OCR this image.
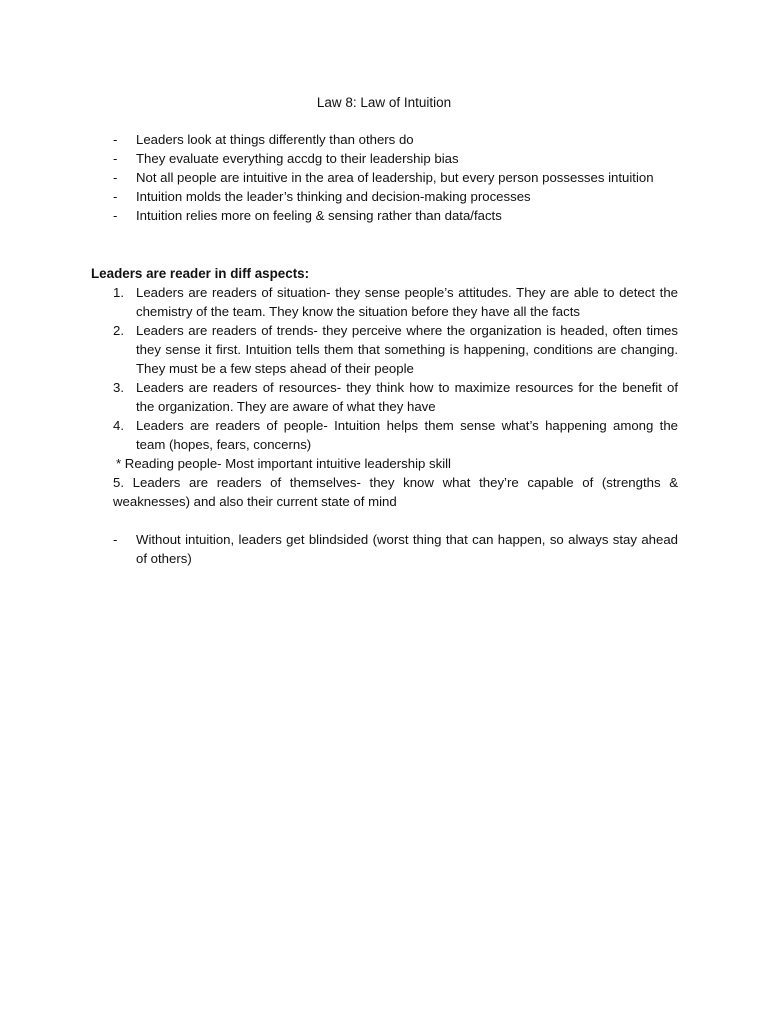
Law 8: Law of Intuition
- Leaders look at things differently than others do
- They evaluate everything accdg to their leadership bias
- Not all people are intuitive in the area of leadership, but every person possesses intuition
- Intuition molds the leader’s thinking and decision-making processes
- Intuition relies more on feeling & sensing rather than data/facts
Leaders are reader in diff aspects:
1. Leaders are readers of situation- they sense people’s attitudes. They are able to detect the chemistry of the team. They know the situation before they have all the facts
2. Leaders are readers of trends- they perceive where the organization is headed, often times they sense it first. Intuition tells them that something is happening, conditions are changing. They must be a few steps ahead of their people
3. Leaders are readers of resources- they think how to maximize resources for the benefit of the organization. They are aware of what they have
4. Leaders are readers of people- Intuition helps them sense what’s happening among the team (hopes, fears, concerns)
* Reading people- Most important intuitive leadership skill
5. Leaders are readers of themselves- they know what they’re capable of (strengths & weaknesses) and also their current state of mind
- Without intuition, leaders get blindsided (worst thing that can happen, so always stay ahead of others)
